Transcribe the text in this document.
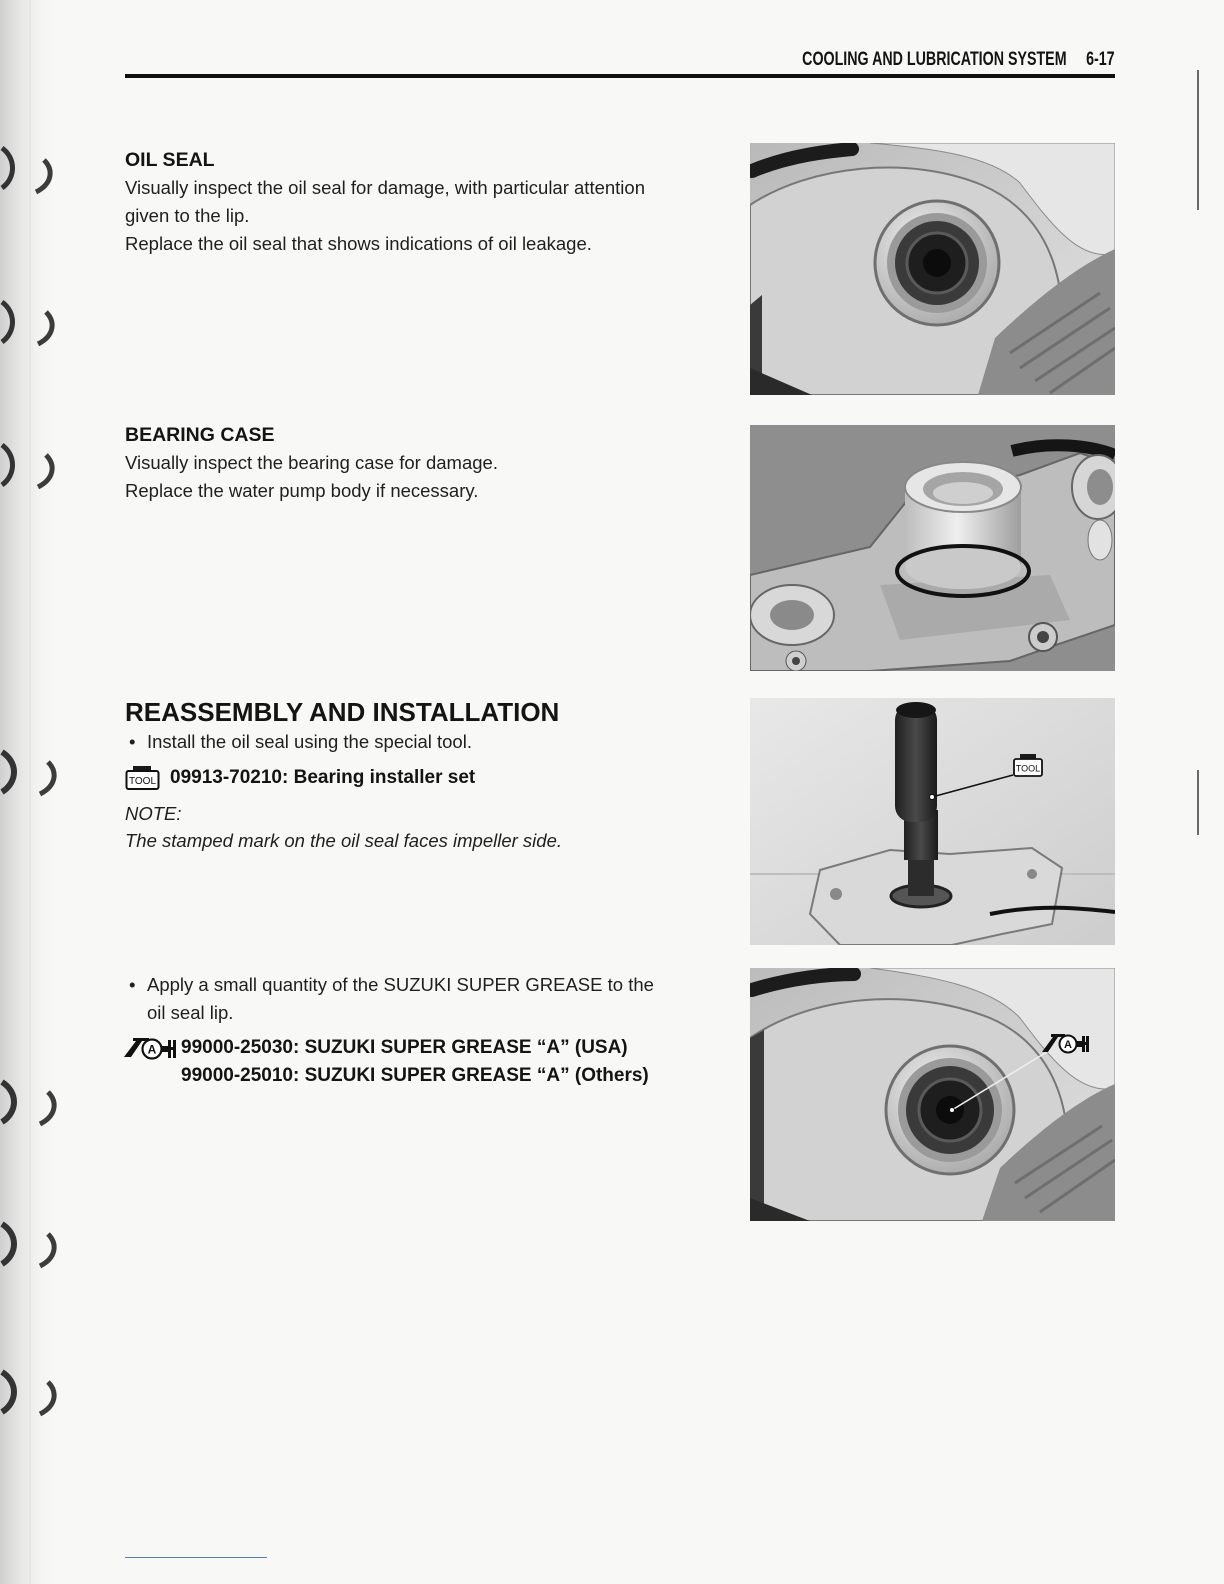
COOLING AND LUBRICATION SYSTEM 6-17
OIL SEAL
Visually inspect the oil seal for damage, with particular attention
given to the lip.
Replace the oil seal that shows indications of oil leakage.
BEARING CASE
Visually inspect the bearing case for damage.
Replace the water pump body if necessary.
REASSEMBLY AND INSTALLATION
• Install the oil seal using the special tool.
TOOL 09913-70210: Bearing installer set
NOTE:
The stamped mark on the oil seal faces impeller side.
• Apply a small quantity of the SUZUKI SUPER GREASE to the
oil seal lip.
A 99000-25030: SUZUKI SUPER GREASE “A” (USA)
99000-25010: SUZUKI SUPER GREASE “A” (Others)
TOOL
A
